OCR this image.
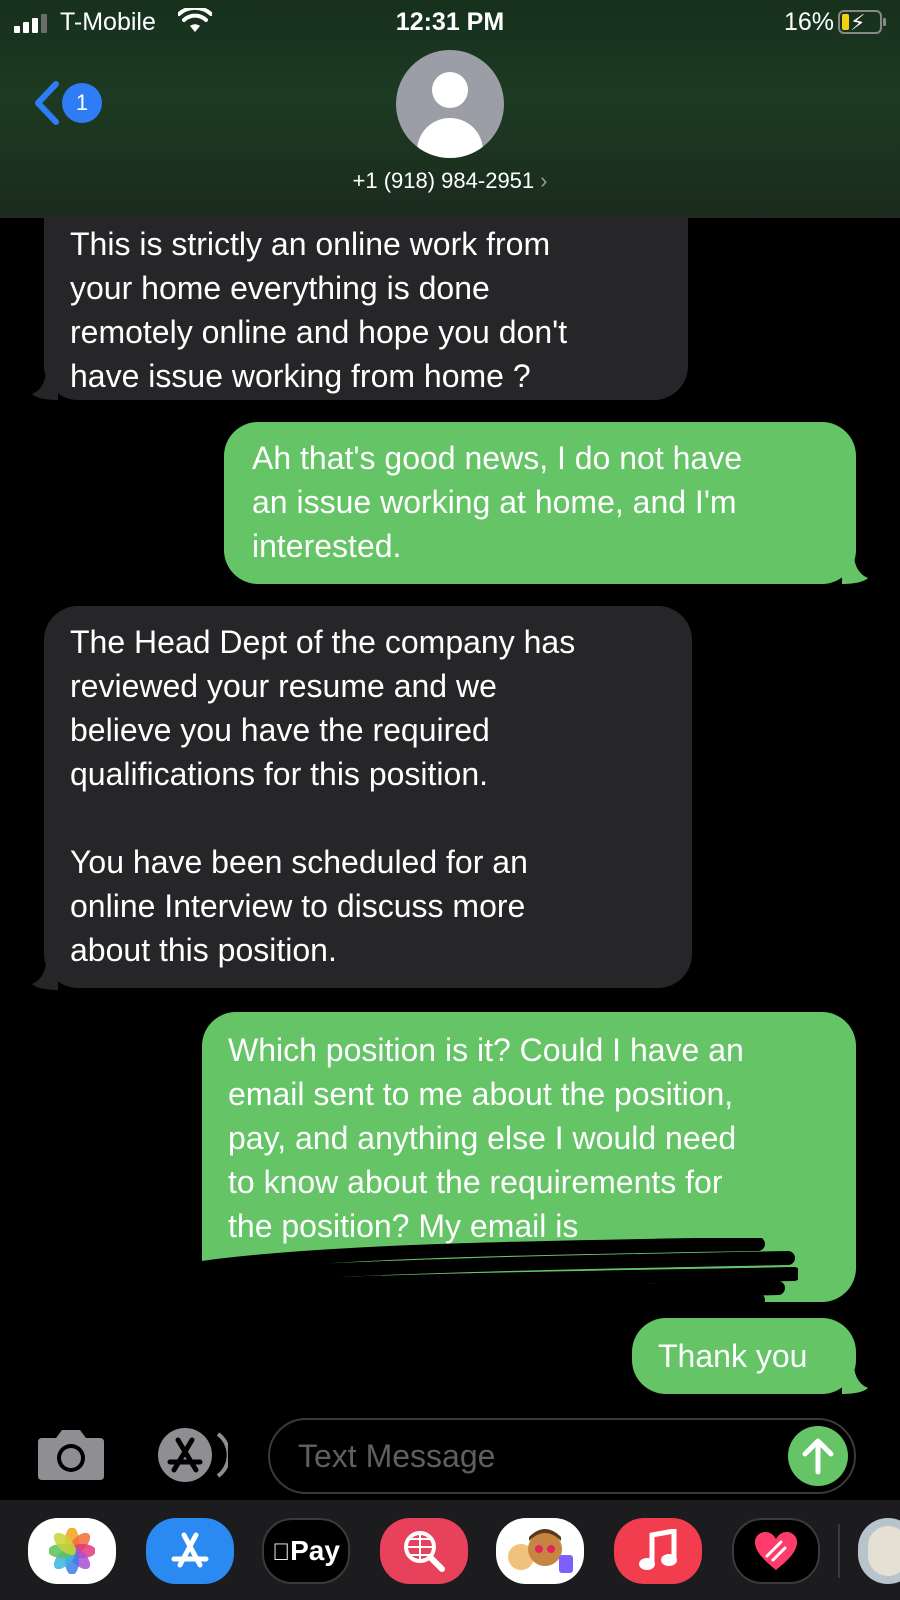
T-Mobile	12:31 PM	16% ⚡
1
+1 (918) 984-2951 ›
This is strictly an online work from
your home everything is done
remotely online and hope you don't
have issue working from home ?
Ah that's good news, I do not have
an issue working at home, and I'm
interested.
The Head Dept of the company has
reviewed your resume and we
believe you have the required
qualifications for this position.

You have been scheduled for an
online Interview to discuss more
about this position.
Which position is it? Could I have an
email sent to me about the position,
pay, and anything else I would need
to know about the requirements for
the position? My email is
Thank you
Text Message
Pay
